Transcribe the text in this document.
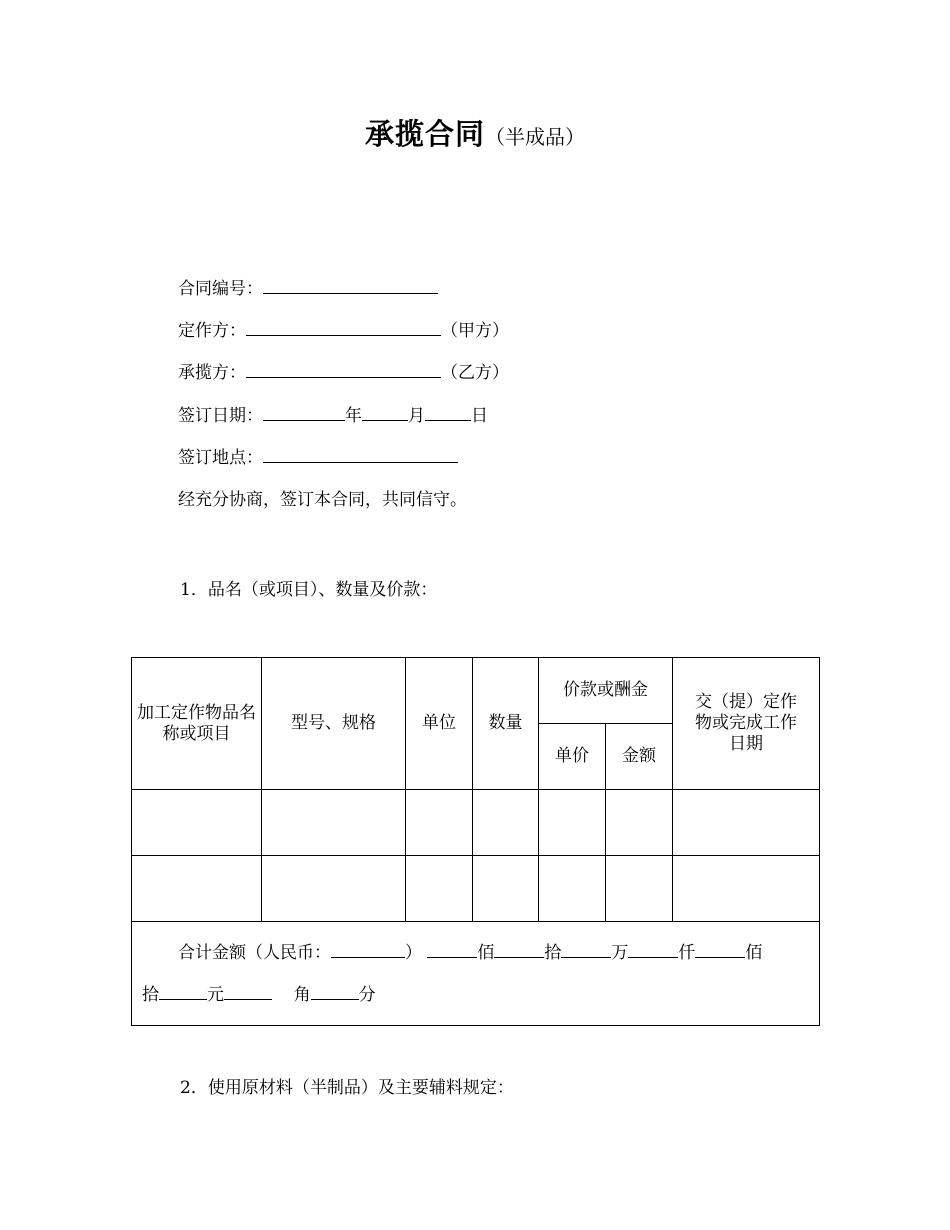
承揽合同（半成品）
合同编号：
定作方：	（甲方）
承揽方：	（乙方）
签订日期：	年	月	日
签订地点：
经充分协商，签订本合同，共同信守。
1．品名（或项目）、数量及价款：
加工定作物品名称或项目	型号、规格	单位	数量	价款或酬金		交（提）定作物或完成工作日期
				单价	金额	

合计金额（人民币： ） 佰 拾 万 仟 佰
拾 元 角 分						
2．使用原材料（半制品）及主要辅料规定：
